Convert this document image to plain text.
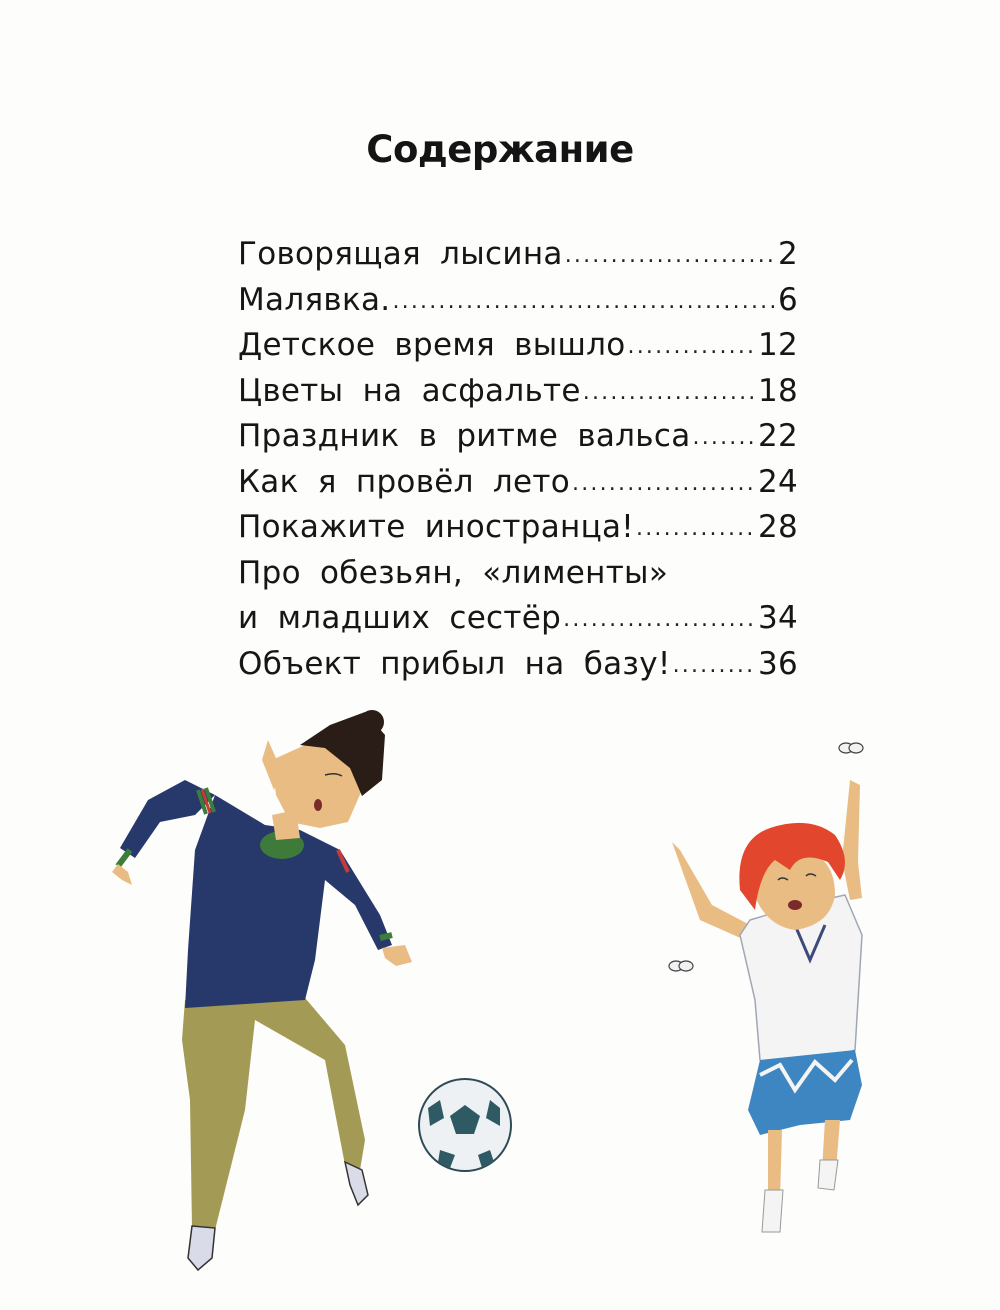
Содержание
Говорящая лысина .....	2
Малявка. .....	6
Детское время вышло .....	12
Цветы на асфальте .....	18
Праздник в ритме вальса ..... 22
Как я провёл лето .....	24
Покажите иностранца! .....	28
Про обезьян, «лименты»
и младших сестёр .....	34
Объект прибыл на базу! .....	36
